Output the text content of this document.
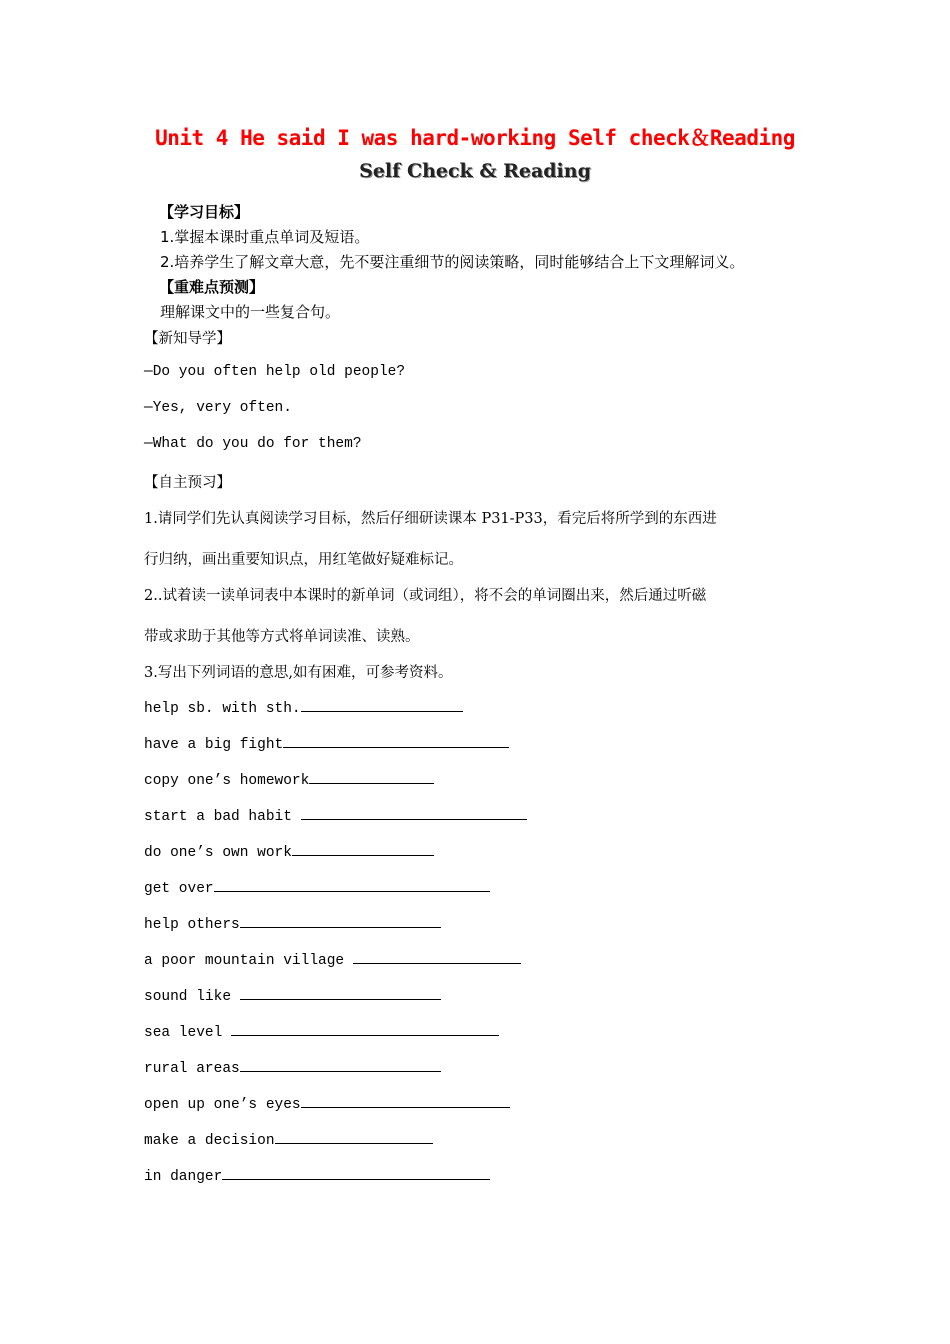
Unit 4 He said I was hard-working Self check＆Reading
Self Check & Reading
【学习目标】
1.掌握本课时重点单词及短语。
2.培养学生了解文章大意，先不要注重细节的阅读策略，同时能够结合上下文理解词义。
【重难点预测】
理解课文中的一些复合句。
【新知导学】
—Do you often help old people?
—Yes, very often.
—What do you do for them?
【自主预习】
1.请同学们先认真阅读学习目标，然后仔细研读课本 P31-P33，看完后将所学到的东西进
行归纳，画出重要知识点，用红笔做好疑难标记。
2..试着读一读单词表中本课时的新单词（或词组），将不会的单词圈出来，然后通过听磁
带或求助于其他等方式将单词读准、读熟。
3.写出下列词语的意思,如有困难，可参考资料。
help sb. with sth.
have a big fight
copy one’s homework
start a bad habit
do one’s own work
get over
help others
a poor mountain village
sound like
sea level
rural areas
open up one’s eyes
make a decision
in danger
